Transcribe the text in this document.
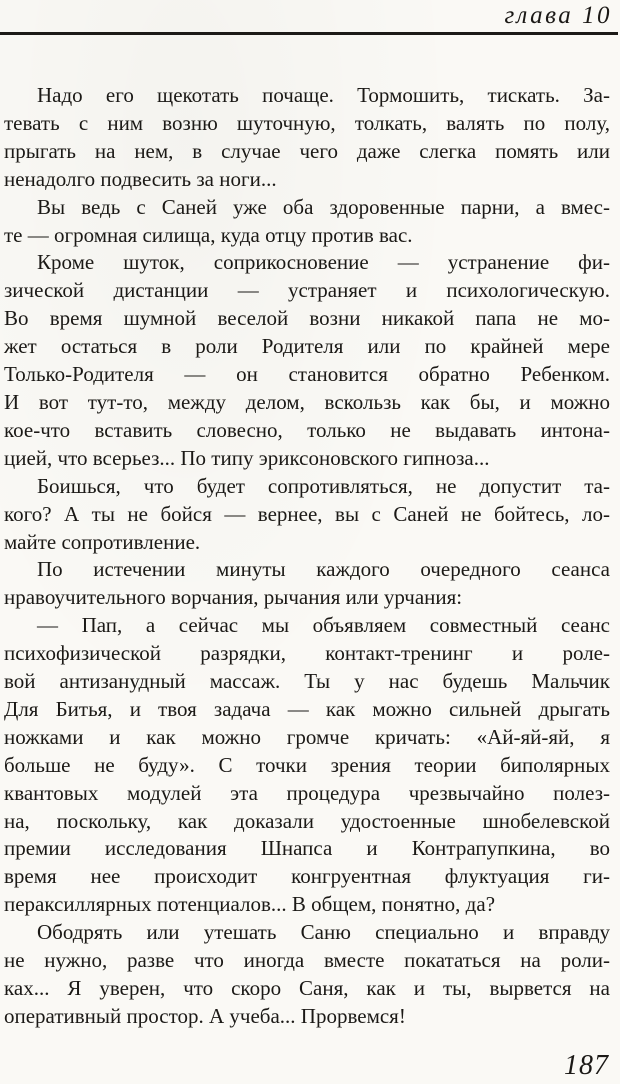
глава 10
Надо его щекотать почаще. Тормошить, тискать. За-
тевать с ним возню шуточную, толкать, валять по полу,
прыгать на нем, в случае чего даже слегка помять или
ненадолго подвесить за ноги...
Вы ведь с Саней уже оба здоровенные парни, а вмес-
те — огромная силища, куда отцу против вас.
Кроме шуток, соприкосновение — устранение фи-
зической дистанции — устраняет и психологическую.
Во время шумной веселой возни никакой папа не мо-
жет остаться в роли Родителя или по крайней мере
Только-Родителя — он становится обратно Ребенком.
И вот тут-то, между делом, вскользь как бы, и можно
кое-что вставить словесно, только не выдавать интона-
цией, что всерьез... По типу эриксоновского гипноза...
Боишься, что будет сопротивляться, не допустит та-
кого? А ты не бойся — вернее, вы с Саней не бойтесь, ло-
майте сопротивление.
По истечении минуты каждого очередного сеанса
нравоучительного ворчания, рычания или урчания:
— Пап, а сейчас мы объявляем совместный сеанс
психофизической разрядки, контакт-тренинг и роле-
вой антизанудный массаж. Ты у нас будешь Мальчик
Для Битья, и твоя задача — как можно сильней дрыгать
ножками и как можно громче кричать: «Ай-яй-яй, я
больше не буду». С точки зрения теории биполярных
квантовых модулей эта процедура чрезвычайно полез-
на, поскольку, как доказали удостоенные шнобелевской
премии исследования Шнапса и Контрапупкина, во
время нее происходит конгруентная флуктуация ги-
пераксиллярных потенциалов... В общем, понятно, да?
Ободрять или утешать Саню специально и вправду
не нужно, разве что иногда вместе покататься на роли-
ках... Я уверен, что скоро Саня, как и ты, вырвется на
оперативный простор. А учеба... Прорвемся!
187
